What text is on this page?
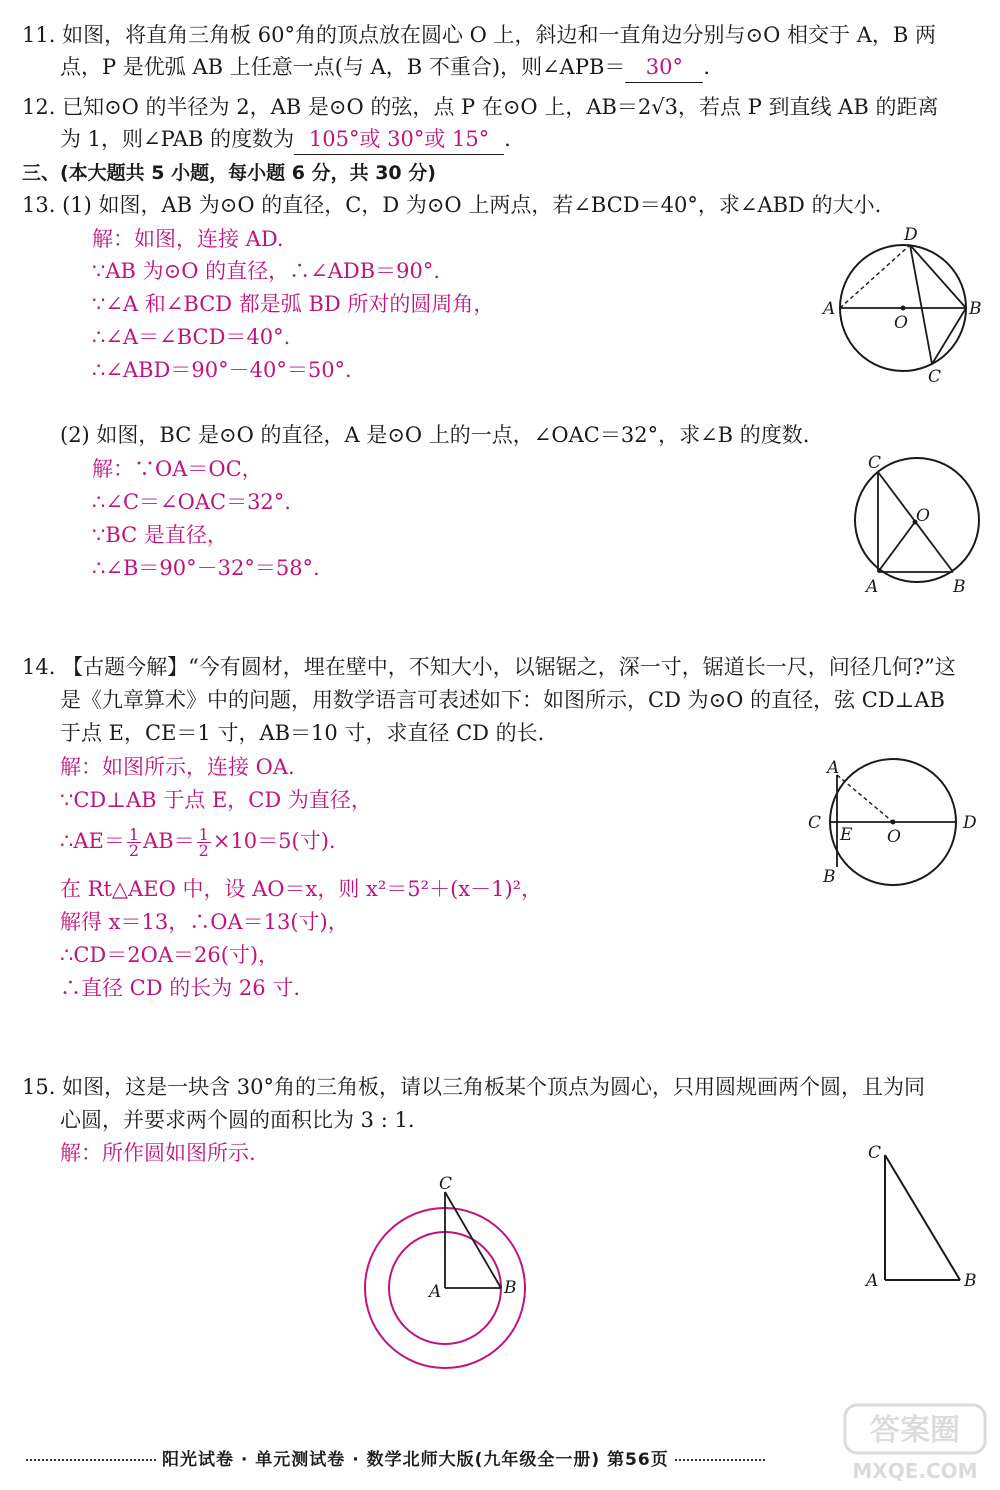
11. 如图，将直角三角板 60°角的顶点放在圆心 O 上，斜边和一直角边分别与⊙O 相交于 A，B 两
点，P 是优弧 AB 上任意一点(与 A，B 不重合)，则∠APB＝ 30° .
12. 已知⊙O 的半径为 2，AB 是⊙O 的弦，点 P 在⊙O 上，AB＝2√3，若点 P 到直线 AB 的距离
为 1，则∠PAB 的度数为 105°或 30°或 15° .
三、(本大题共 5 小题，每小题 6 分，共 30 分)
13. (1) 如图，AB 为⊙O 的直径，C，D 为⊙O 上两点，若∠BCD＝40°，求∠ABD 的大小.
解：如图，连接 AD.
∵AB 为⊙O 的直径，∴∠ADB＝90°.
∵∠A 和∠BCD 都是弧 BD 所对的圆周角，
∴∠A＝∠BCD＝40°.
∴∠ABD＝90°－40°＝50°.
D
A
O
B
C
(2) 如图，BC 是⊙O 的直径，A 是⊙O 上的一点，∠OAC＝32°，求∠B 的度数.
解：∵OA＝OC，
∴∠C＝∠OAC＝32°.
∵BC 是直径，
∴∠B＝90°－32°＝58°.
C
O
A	B
14. 【古题今解】“今有圆材，埋在壁中，不知大小，以锯锯之，深一寸，锯道长一尺，问径几何?”这
是《九章算术》中的问题，用数学语言可表述如下：如图所示，CD 为⊙O 的直径，弦 CD⊥AB
于点 E，CE＝1 寸，AB＝10 寸，求直径 CD 的长.
解：如图所示，连接 OA.
∵CD⊥AB 于点 E，CD 为直径，
∴AE＝ $\frac{1}{2} AB= \frac{1}{2} \times 10=5$(寸).
在 Rt△AEO 中，设 AO＝x，则 x²＝5²＋(x－1)²，
解得 x＝13，∴OA＝13(寸)，
∴CD＝2OA＝26(寸)，
∴直径 CD 的长为 26 寸.
A
C
E O
D
B
15. 如图，这是一块含 30°角的三角板，请以三角板某个顶点为圆心，只用圆规画两个圆，且为同
心圆，并要求两个圆的面积比为 3 : 1.
解：所作圆如图所示.
C
A	B
C
A	B
阳光试卷 · 单元测试卷 · 数学北师大版(九年级全一册) 第56页
答案圈
MXQE.COM
